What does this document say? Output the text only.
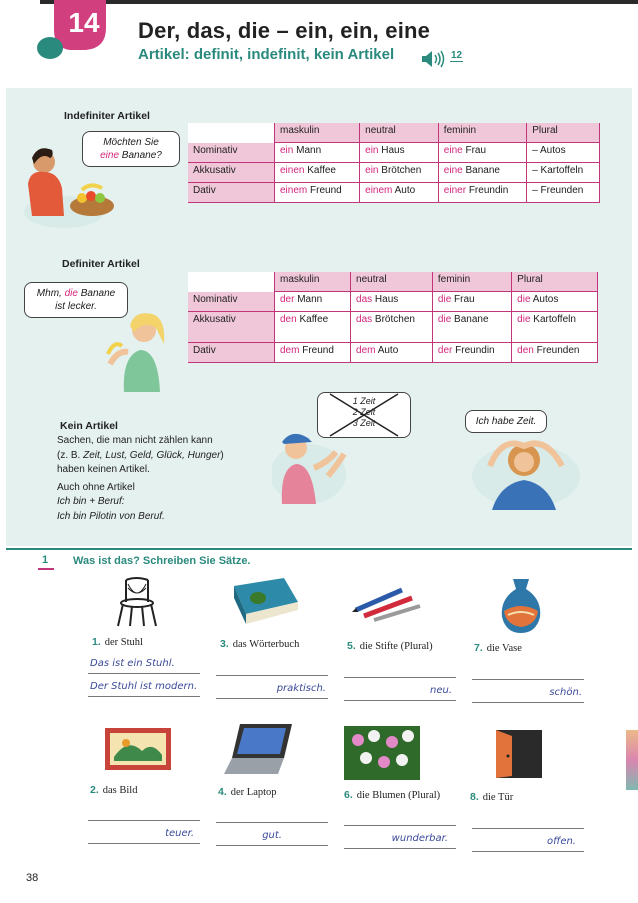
14	Der, das, die – ein, ein, eine
Artikel: definit, indefinit, kein Artikel	12
Indefiniter Artikel
Möchten Sie
eine Banane?
	maskulin	neutral	feminin	Plural
Nominativ	ein Mann	ein Haus	eine Frau	– Autos
Akkusativ	einen Kaffee	ein Brötchen	eine Banane	– Kartoffeln
Dativ	einem Freund	einem Auto	einer Freundin	– Freunden
Definiter Artikel
Mhm, die Banane
ist lecker.
	maskulin	neutral	feminin	Plural
Nominativ	der Mann	das Haus	die Frau	die Autos
Akkusativ	den Kaffee	das Brötchen	die Banane	die Kartoffeln
Dativ	dem Freund	dem Auto	der Freundin	den Freunden
Kein Artikel
Sachen, die man nicht zählen kann
(z. B. Zeit, Lust, Geld, Glück, Hunger)
haben keinen Artikel.
Auch ohne Artikel
Ich bin + Beruf:
Ich bin Pilotin von Beruf.
1 Zeit
2 Zeit
3 Zeit	Ich habe Zeit.
1 Was ist das? Schreiben Sie Sätze.
1. der Stuhl	3. das Wörterbuch	5. die Stifte (Plural)	7. die Vase
Das ist ein Stuhl.
Der Stuhl ist modern.	praktisch.	neu.	schön.
2. das Bild	4. der Laptop	6. die Blumen (Plural)	8. die Tür
teuer.	gut.	wunderbar.	offen.
38
